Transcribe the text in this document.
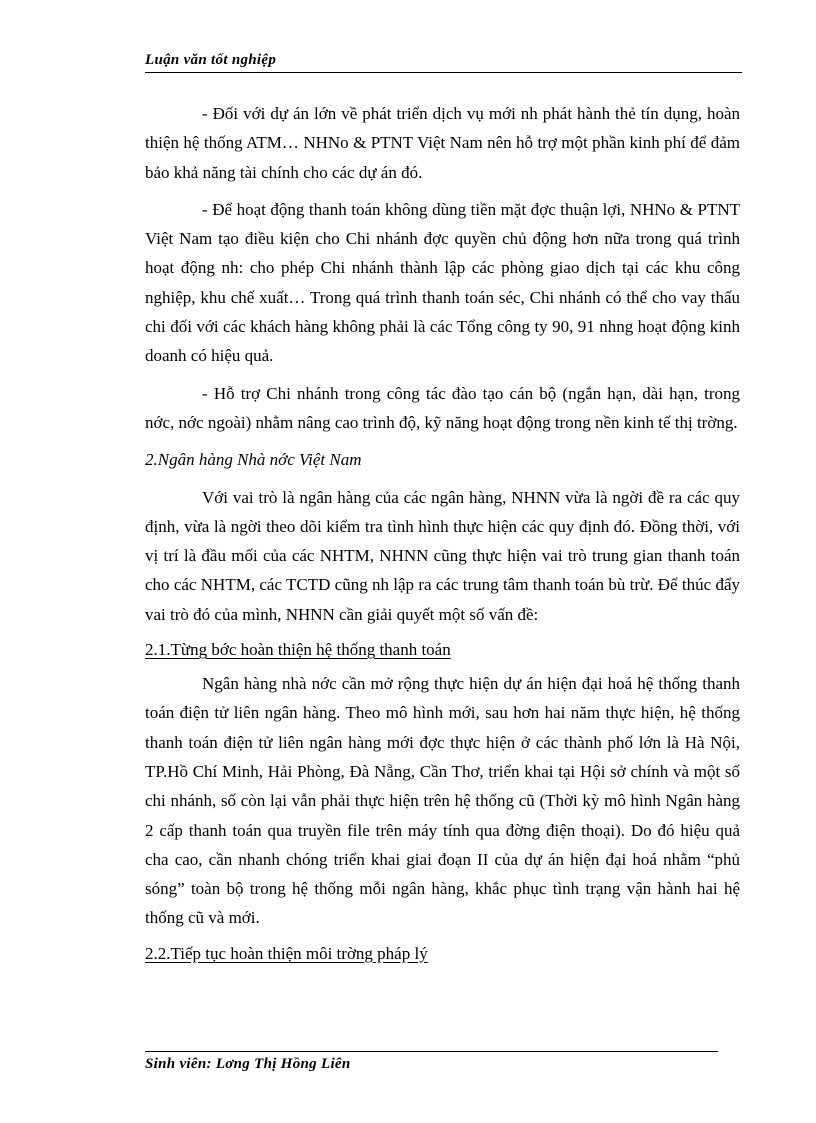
Luận văn tốt nghiệp

- Đối với dự án lớn về phát triển dịch vụ mới nh phát hành thẻ tín dụng, hoàn thiện hệ thống ATM… NHNo & PTNT Việt Nam nên hỗ trợ một phần kinh phí để đảm bảo khả năng tài chính cho các dự án đó.

- Để hoạt động thanh toán không dùng tiền mặt đợc thuận lợi, NHNo & PTNT Việt Nam tạo điều kiện cho Chi nhánh đợc quyền chủ động hơn nữa trong quá trình hoạt động nh: cho phép Chi nhánh thành lập các phòng giao dịch tại các khu công nghiệp, khu chế xuất… Trong quá trình thanh toán séc, Chi nhánh có thể cho vay thấu chi đối với các khách hàng không phải là các Tổng công ty 90, 91 nhng hoạt động kinh doanh có hiệu quả.

- Hỗ trợ Chi nhánh trong công tác đào tạo cán bộ (ngắn hạn, dài hạn, trong nớc, nớc ngoài) nhằm nâng cao trình độ, kỹ năng hoạt động trong nền kinh tế thị trờng.

2.Ngân hàng Nhà nớc Việt Nam

Với vai trò là ngân hàng của các ngân hàng, NHNN vừa là ngời đề ra các quy định, vừa là ngời theo dõi kiểm tra tình hình thực hiện các quy định đó. Đồng thời, với vị trí là đầu mối của các NHTM, NHNN cũng thực hiện vai trò trung gian thanh toán cho các NHTM, các TCTD cũng nh lập ra các trung tâm thanh toán bù trừ. Để thúc đẩy vai trò đó của mình, NHNN cần giải quyết một số vấn đề:

2.1.Từng bớc hoàn thiện hệ thống thanh toán

Ngân hàng nhà nớc cần mở rộng thực hiện dự án hiện đại hoá hệ thống thanh toán điện tử liên ngân hàng. Theo mô hình mới, sau hơn hai năm thực hiện, hệ thống thanh toán điện tử liên ngân hàng mới đợc thực hiện ở các thành phố lớn là Hà Nội, TP.Hồ Chí Minh, Hải Phòng, Đà Nẵng, Cần Thơ, triển khai tại Hội sở chính và một số chi nhánh, số còn lại vẫn phải thực hiện trên hệ thống cũ (Thời kỳ mô hình Ngân hàng 2 cấp thanh toán qua truyền file trên máy tính qua đờng điện thoại). Do đó hiệu quả cha cao, cần nhanh chóng triển khai giai đoạn II của dự án hiện đại hoá nhằm “phủ sóng” toàn bộ trong hệ thống mỗi ngân hàng, khắc phục tình trạng vận hành hai hệ thống cũ và mới.

2.2.Tiếp tục hoàn thiện môi trờng pháp lý
Sinh viên: Lơng Thị Hồng Liên
